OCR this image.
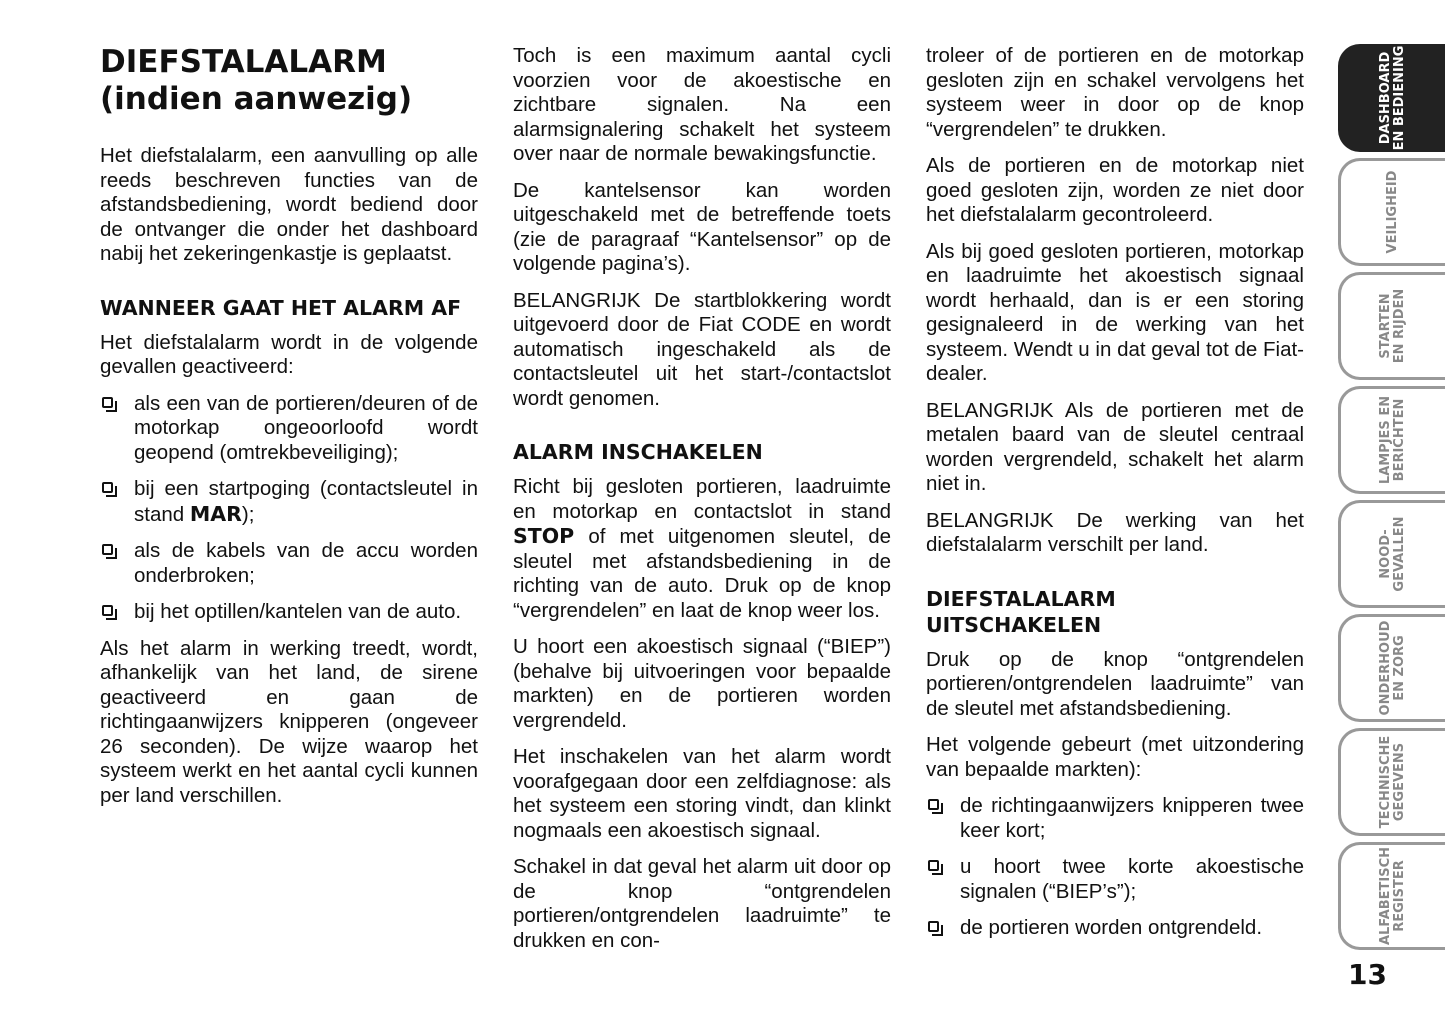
DIEFSTALALARM
(indien aanwezig)

Het diefstalalarm, een aanvulling op alle reeds beschreven functies van de afstandsbediening, wordt bediend door de ontvanger die onder het dashboard nabij het zekeringenkastje is geplaatst.

WANNEER GAAT HET ALARM AF

Het diefstalalarm wordt in de volgende gevallen geactiveerd:

als een van de portieren/deuren of de motorkap ongeoorloofd wordt geopend (omtrekbeveiliging);
bij een startpoging (contactsleutel in stand MAR);
als de kabels van de accu worden onderbroken;
bij het optillen/kantelen van de auto.

Als het alarm in werking treedt, wordt, afhankelijk van het land, de sirene geactiveerd en gaan de richtingaanwijzers knipperen (ongeveer 26 seconden). De wijze waarop het systeem werkt en het aantal cycli kunnen per land verschillen.

Toch is een maximum aantal cycli voorzien voor de akoestische en zichtbare signalen. Na een alarmsignalering schakelt het systeem over naar de normale bewakingsfunctie.

De kantelsensor kan worden uitgeschakeld met de betreffende toets (zie de paragraaf “Kantelsensor” op de volgende pagina’s).

BELANGRIJK De startblokkering wordt uitgevoerd door de Fiat CODE en wordt automatisch ingeschakeld als de contactsleutel uit het start-/contactslot wordt genomen.

ALARM INSCHAKELEN

Richt bij gesloten portieren, laadruimte en motorkap en contactslot in stand STOP of met uitgenomen sleutel, de sleutel met afstandsbediening in de richting van de auto. Druk op de knop “vergrendelen” en laat de knop weer los.

U hoort een akoestisch signaal (“BIEP”) (behalve bij uitvoeringen voor bepaalde markten) en de portieren worden vergrendeld.

Het inschakelen van het alarm wordt voorafgegaan door een zelfdiagnose: als het systeem een storing vindt, dan klinkt nogmaals een akoestisch signaal.

Schakel in dat geval het alarm uit door op de knop “ontgrendelen portieren/ontgrendelen laadruimte” te drukken en con-

troleer of de portieren en de motorkap gesloten zijn en schakel vervolgens het systeem weer in door op de knop “vergrendelen” te drukken.

Als de portieren en de motorkap niet goed gesloten zijn, worden ze niet door het diefstalalarm gecontroleerd.

Als bij goed gesloten portieren, motorkap en laadruimte het akoestisch signaal wordt herhaald, dan is er een storing gesignaleerd in de werking van het systeem. Wendt u in dat geval tot de Fiat-dealer.

BELANGRIJK Als de portieren met de metalen baard van de sleutel centraal worden vergrendeld, schakelt het alarm niet in.

BELANGRIJK De werking van het diefstalalarm verschilt per land.

DIEFSTALALARM
UITSCHAKELEN

Druk op de knop “ontgrendelen portieren/ontgrendelen laadruimte” van de sleutel met afstandsbediening.

Het volgende gebeurt (met uitzondering van bepaalde markten):

de richtingaanwijzers knipperen twee keer kort;
u hoort twee korte akoestische signalen (“BIEP’s”);
de portieren worden ontgrendeld.
DASHBOARD
EN BEDIENING
VEILIGHEID
STARTEN
EN RIJDEN
LAMPJES EN
BERICHTEN
NOOD-
GEVALLEN
ONDERHOUD
EN ZORG
TECHNISCHE
GEGEVENS
ALFABETISCH
REGISTER
13
